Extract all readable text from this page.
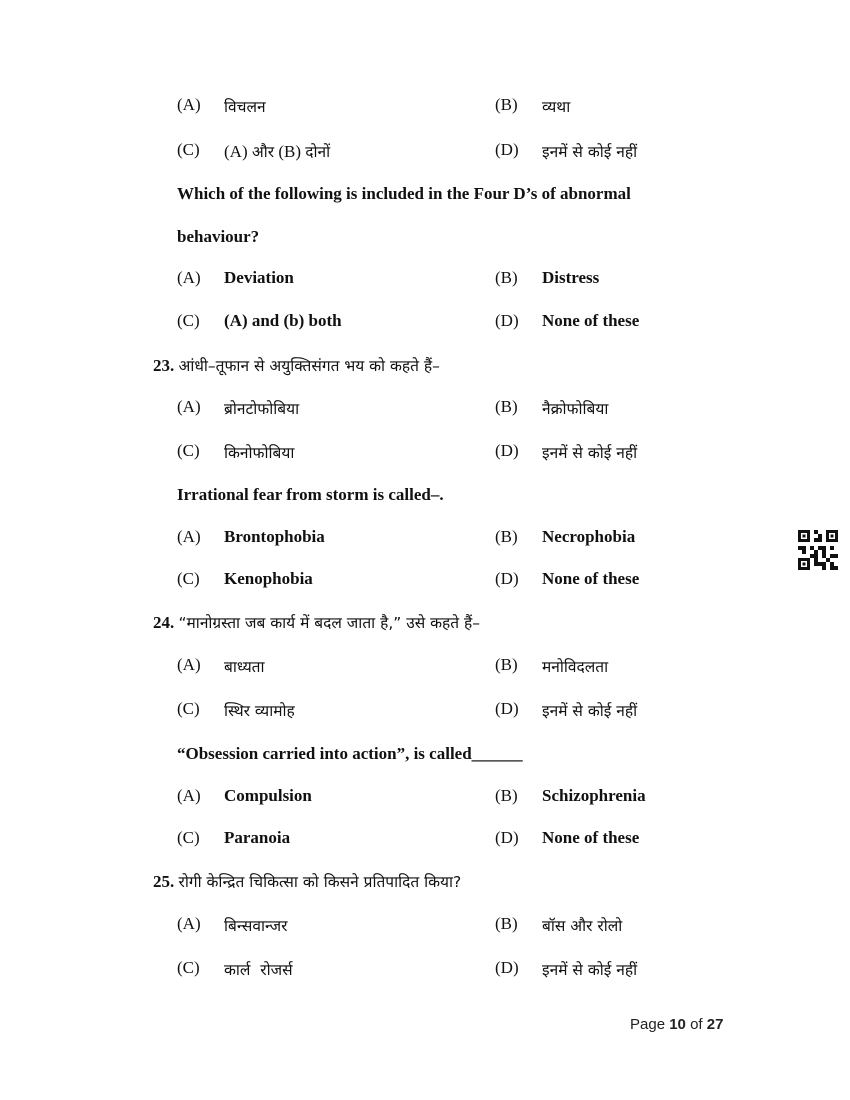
(A) विचलन	(B) व्यथा
(C) (A) और (B) दोनों	(D) इनमें से कोई नहीं
Which of the following is included in the Four D’s of abnormal
behaviour?
(A) Deviation	(B) Distress
(C) (A) and (b) both	(D) None of these
23. आंधी–तूफान से अयुक्तिसंगत भय को कहते हैं–
(A) ब्रोनटोफोबिया	(B) नैक्रोफोबिया
(C) किनोफोबिया	(D) इनमें से कोई नहीं
Irrational fear from storm is called–.
(A) Brontophobia	(B) Necrophobia
(C) Kenophobia	(D) None of these
24. “मानोग्रस्ता जब कार्य में बदल जाता है,” उसे कहते हैं–
(A) बाध्यता	(B) मनोविदलता
(C) स्थिर व्यामोह	(D) इनमें से कोई नहीं
“Obsession carried into action”, is called______
(A) Compulsion	(B) Schizophrenia
(C) Paranoia	(D) None of these
25. रोगी केन्द्रित चिकित्सा को किसने प्रतिपादित किया?
(A) बिन्सवान्जर	(B) बॉस और रोलो
(C) कार्ल  रोजर्स	(D) इनमें से कोई नहीं
Page 10 of 27
